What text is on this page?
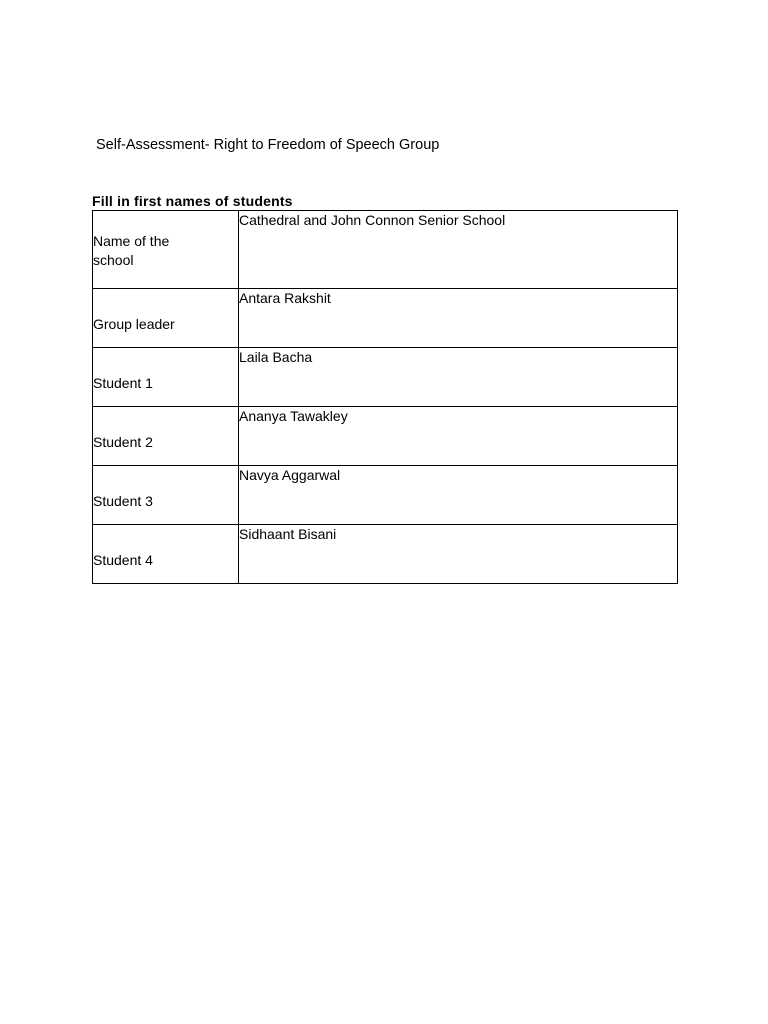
Self-Assessment- Right to Freedom of Speech Group
Fill in first names of students
Name of the school	Cathedral and John Connon Senior School

Group leader	Antara Rakshit

Student 1	Laila Bacha

Student 2	Ananya Tawakley

Student 3	Navya Aggarwal

Student 4	Sidhaant Bisani
